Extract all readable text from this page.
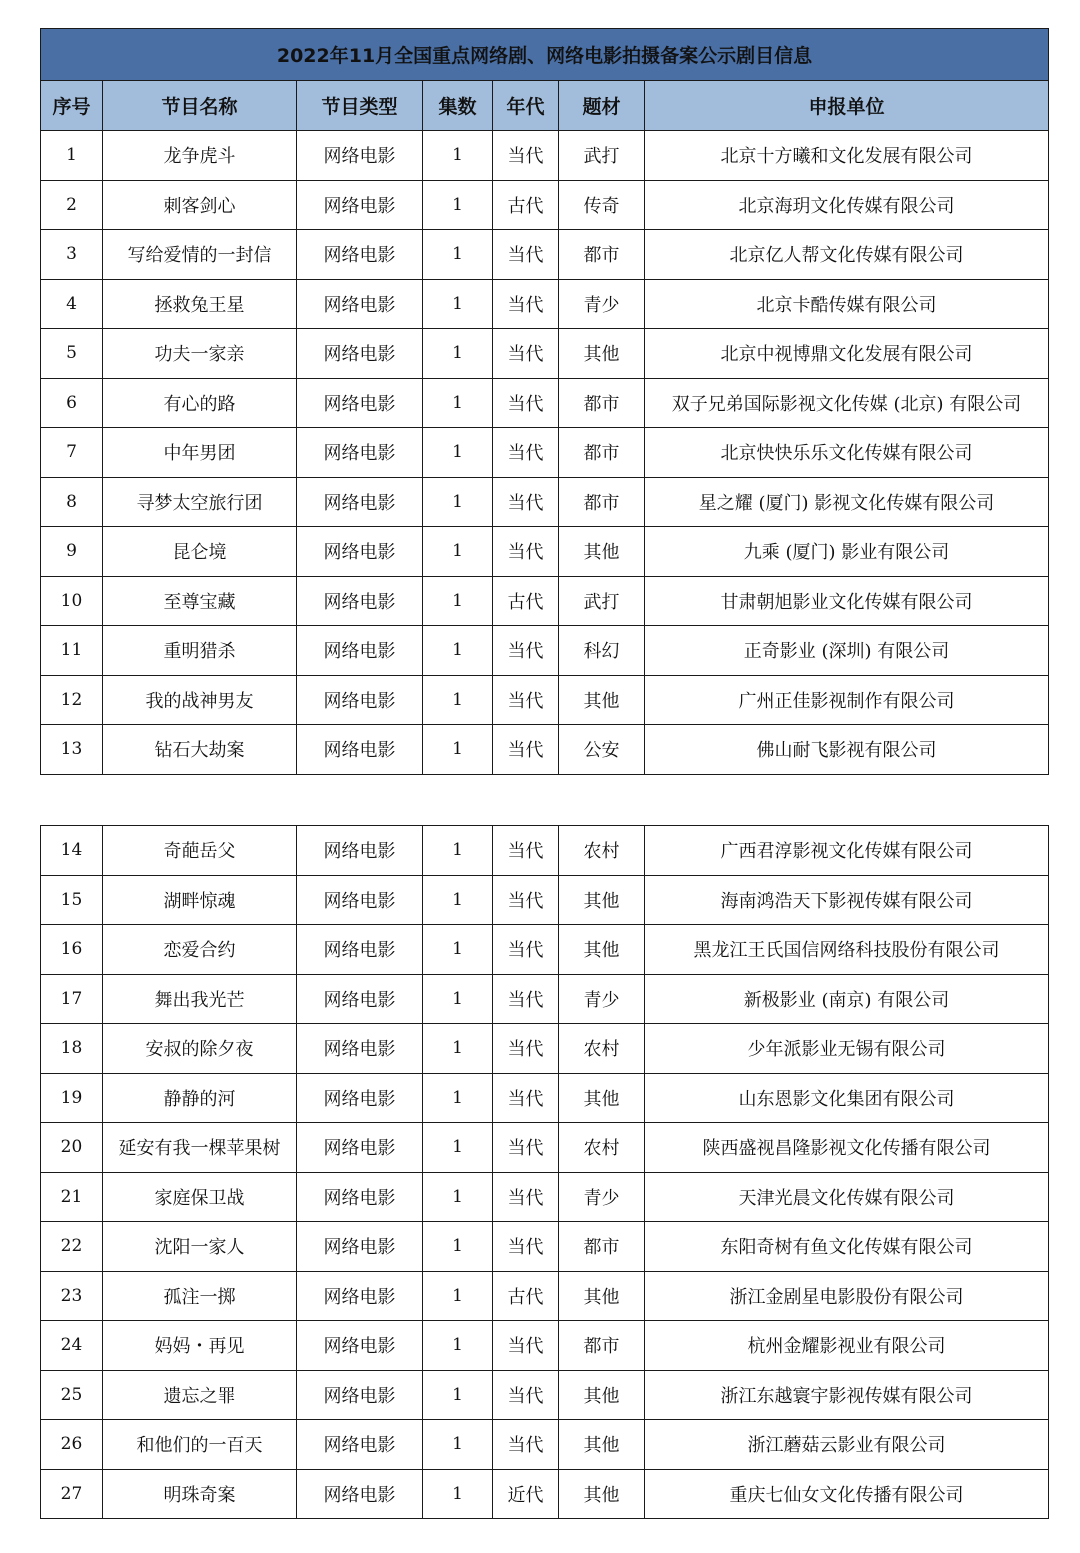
2022年11月全国重点网络剧、网络电影拍摄备案公示剧目信息						
序号	节目名称	节目类型	集数	年代	题材	申报单位
1	龙争虎斗	网络电影	1	当代	武打	北京十方曦和文化发展有限公司
2	刺客剑心	网络电影	1	古代	传奇	北京海玥文化传媒有限公司
3	写给爱情的一封信	网络电影	1	当代	都市	北京亿人帮文化传媒有限公司
4	拯救兔王星	网络电影	1	当代	青少	北京卡酷传媒有限公司
5	功夫一家亲	网络电影	1	当代	其他	北京中视博鼎文化发展有限公司
6	有心的路	网络电影	1	当代	都市	双子兄弟国际影视文化传媒 (北京) 有限公司
7	中年男团	网络电影	1	当代	都市	北京快快乐乐文化传媒有限公司
8	寻梦太空旅行团	网络电影	1	当代	都市	星之耀 (厦门) 影视文化传媒有限公司
9	昆仑境	网络电影	1	当代	其他	九乘 (厦门) 影业有限公司
10	至尊宝藏	网络电影	1	古代	武打	甘肃朝旭影业文化传媒有限公司
11	重明猎杀	网络电影	1	当代	科幻	正奇影业 (深圳) 有限公司
12	我的战神男友	网络电影	1	当代	其他	广州正佳影视制作有限公司
13	钻石大劫案	网络电影	1	当代	公安	佛山耐飞影视有限公司
14	奇葩岳父	网络电影	1	当代	农村	广西君淳影视文化传媒有限公司
15	湖畔惊魂	网络电影	1	当代	其他	海南鸿浩天下影视传媒有限公司
16	恋爱合约	网络电影	1	当代	其他	黑龙江王氏国信网络科技股份有限公司
17	舞出我光芒	网络电影	1	当代	青少	新极影业 (南京) 有限公司
18	安叔的除夕夜	网络电影	1	当代	农村	少年派影业无锡有限公司
19	静静的河	网络电影	1	当代	其他	山东恩影文化集团有限公司
20	延安有我一棵苹果树	网络电影	1	当代	农村	陕西盛视昌隆影视文化传播有限公司
21	家庭保卫战	网络电影	1	当代	青少	天津光晨文化传媒有限公司
22	沈阳一家人	网络电影	1	当代	都市	东阳奇树有鱼文化传媒有限公司
23	孤注一掷	网络电影	1	古代	其他	浙江金剧星电影股份有限公司
24	妈妈・再见	网络电影	1	当代	都市	杭州金耀影视业有限公司
25	遗忘之罪	网络电影	1	当代	其他	浙江东越寰宇影视传媒有限公司
26	和他们的一百天	网络电影	1	当代	其他	浙江蘑菇云影业有限公司
27	明珠奇案	网络电影	1	近代	其他	重庆七仙女文化传播有限公司
